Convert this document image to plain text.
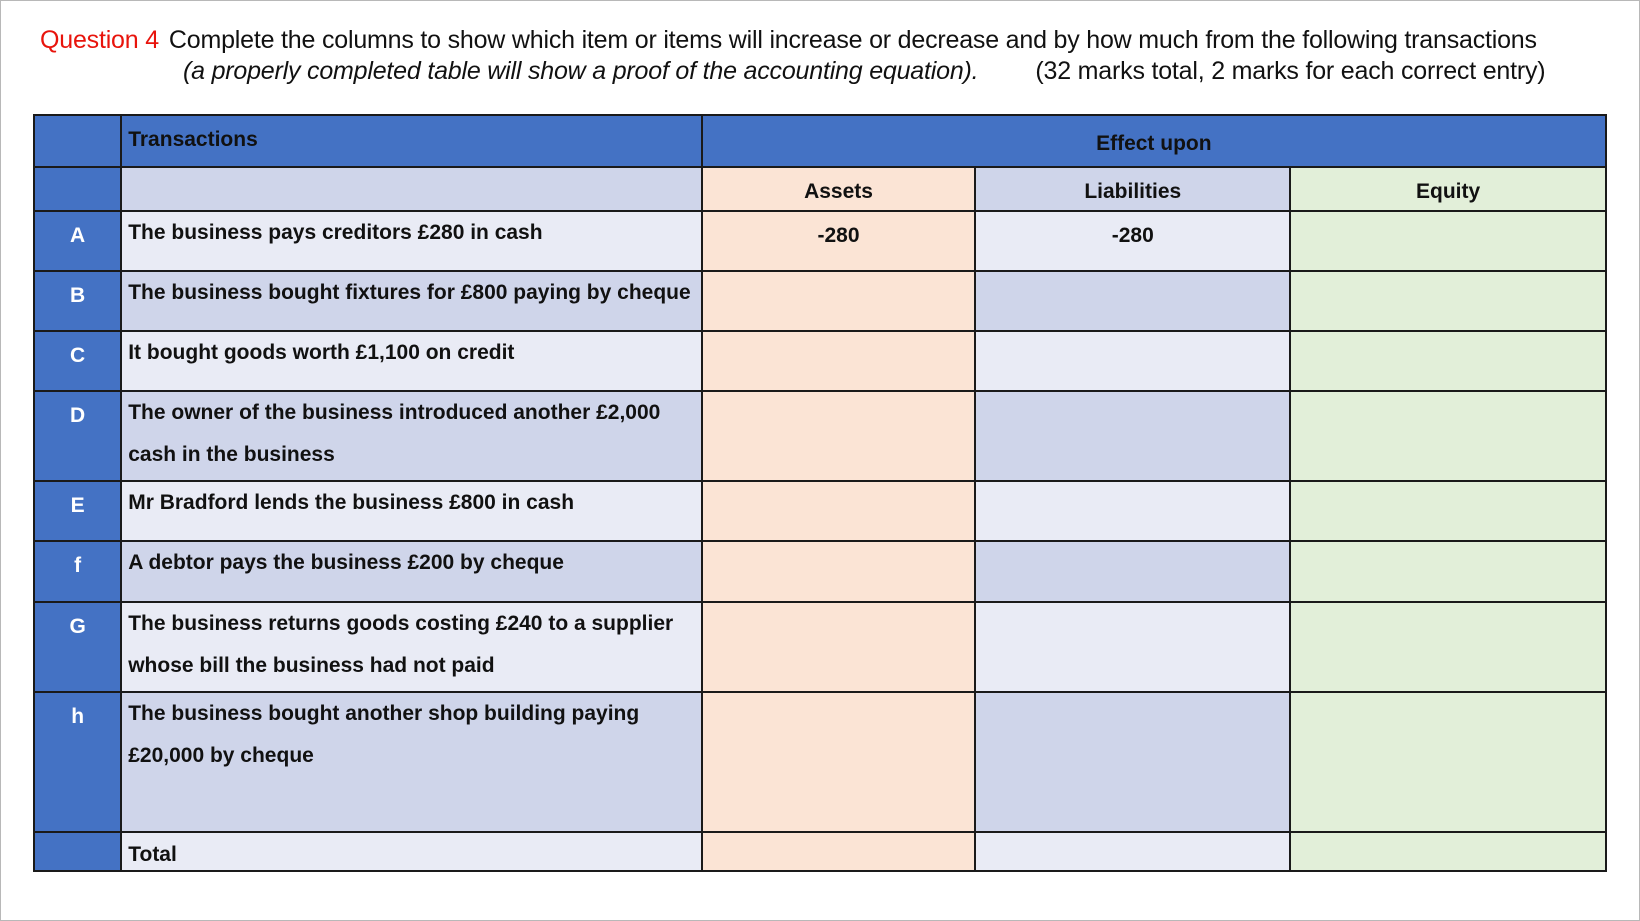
Question 4 Complete the columns to show which item or items will increase or decrease and by how much from the following transactions
(a properly completed table will show a proof of the accounting equation). (32 marks total, 2 marks for each correct entry)
	Transactions	Effect upon		
		Assets	Liabilities	Equity
A	The business pays creditors £280 in cash	-280	-280	
B	The business bought fixtures for £800 paying by cheque			

C	It bought goods worth £1,100 on credit			

D	The owner of the business introduced another £2,000 cash in the business			

E	Mr Bradford lends the business £800 in cash			

f	A debtor pays the business £200 by cheque			

G	The business returns goods costing £240 to a supplier whose bill the business had not paid			

h	The business bought another shop building paying £20,000 by cheque			

	Total			
